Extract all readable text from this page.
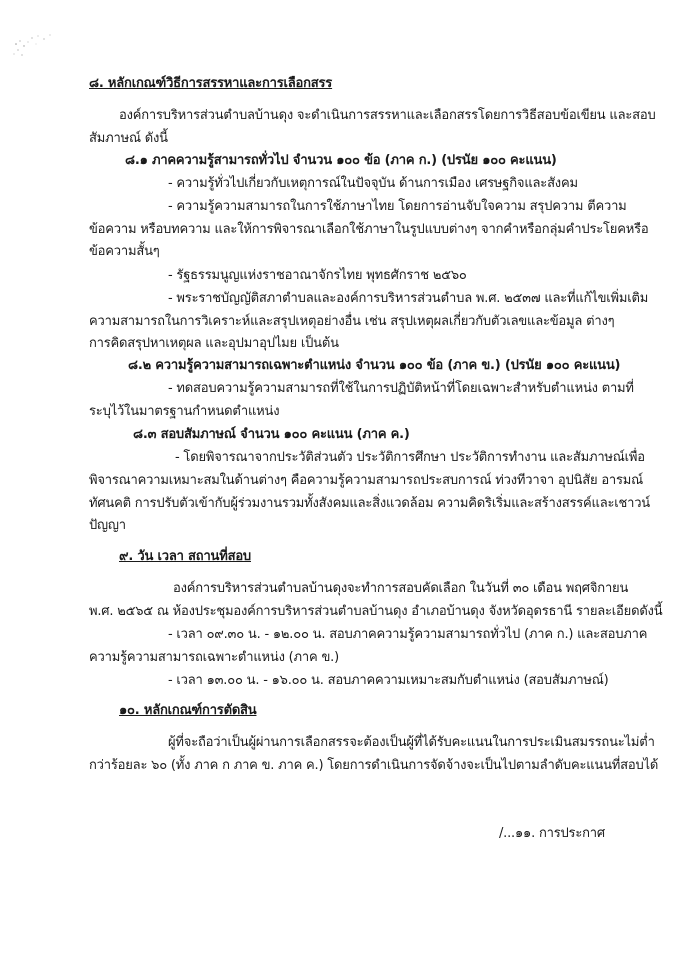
๘. หลักเกณฑ์วิธีการสรรหาและการเลือกสรร
องค์การบริหารส่วนตำบลบ้านดุง จะดำเนินการสรรหาและเลือกสรรโดยการวิธีสอบข้อเขียน และสอบ
สัมภาษณ์ ดังนี้
๘.๑ ภาคความรู้สามารถทั่วไป จำนวน ๑๐๐ ข้อ (ภาค ก.) (ปรนัย ๑๐๐ คะแนน)
- ความรู้ทั่วไปเกี่ยวกับเหตุการณ์ในปัจจุบัน ด้านการเมือง เศรษฐกิจและสังคม
- ความรู้ความสามารถในการใช้ภาษาไทย โดยการอ่านจับใจความ สรุปความ ตีความ
ข้อความ หรือบทความ และให้การพิจารณาเลือกใช้ภาษาในรูปแบบต่างๆ จากคำหรือกลุ่มคำประโยคหรือ
ข้อความสั้นๆ
- รัฐธรรมนูญแห่งราชอาณาจักรไทย พุทธศักราช ๒๕๖๐
- พระราชบัญญัติสภาตำบลและองค์การบริหารส่วนตำบล พ.ศ. ๒๕๓๗ และที่แก้ไขเพิ่มเติม
ความสามารถในการวิเคราะห์และสรุปเหตุอย่างอื่น เช่น สรุปเหตุผลเกี่ยวกับตัวเลขและข้อมูล ต่างๆ
การคิดสรุปหาเหตุผล และอุปมาอุปไมย เป็นต้น
๘.๒ ความรู้ความสามารถเฉพาะตำแหน่ง จำนวน ๑๐๐ ข้อ (ภาค ข.) (ปรนัย ๑๐๐ คะแนน)
- ทดสอบความรู้ความสามารถที่ใช้ในการปฏิบัติหน้าที่โดยเฉพาะสำหรับตำแหน่ง ตามที่
ระบุไว้ในมาตรฐานกำหนดตำแหน่ง
๘.๓ สอบสัมภาษณ์ จำนวน ๑๐๐ คะแนน (ภาค ค.)
- โดยพิจารณาจากประวัติส่วนตัว ประวัติการศึกษา ประวัติการทำงาน และสัมภาษณ์เพื่อ
พิจารณาความเหมาะสมในด้านต่างๆ คือความรู้ความสามารถประสบการณ์ ท่วงทีวาจา อุปนิสัย อารมณ์
ทัศนคติ การปรับตัวเข้ากับผู้ร่วมงานรวมทั้งสังคมและสิ่งแวดล้อม ความคิดริเริ่มและสร้างสรรค์และเชาวน์
ปัญญา
๙. วัน เวลา สถานที่สอบ
องค์การบริหารส่วนตำบลบ้านดุงจะทำการสอบคัดเลือก ในวันที่ ๓๐ เดือน พฤศจิกายน
พ.ศ. ๒๕๖๕ ณ ห้องประชุมองค์การบริหารส่วนตำบลบ้านดุง อำเภอบ้านดุง จังหวัดอุดรธานี รายละเอียดดังนี้
- เวลา ๐๙.๓๐ น. - ๑๒.๐๐ น. สอบภาคความรู้ความสามารถทั่วไป (ภาค ก.) และสอบภาค
ความรู้ความสามารถเฉพาะตำแหน่ง (ภาค ข.)
- เวลา ๑๓.๐๐ น. - ๑๖.๐๐ น. สอบภาคความเหมาะสมกับตำแหน่ง (สอบสัมภาษณ์)
๑๐. หลักเกณฑ์การตัดสิน
ผู้ที่จะถือว่าเป็นผู้ผ่านการเลือกสรรจะต้องเป็นผู้ที่ได้รับคะแนนในการประเมินสมรรถนะไม่ต่ำ
กว่าร้อยละ ๖๐ (ทั้ง ภาค ก ภาค ข. ภาค ค.) โดยการดำเนินการจัดจ้างจะเป็นไปตามลำดับคะแนนที่สอบได้
/...๑๑. การประกาศ
